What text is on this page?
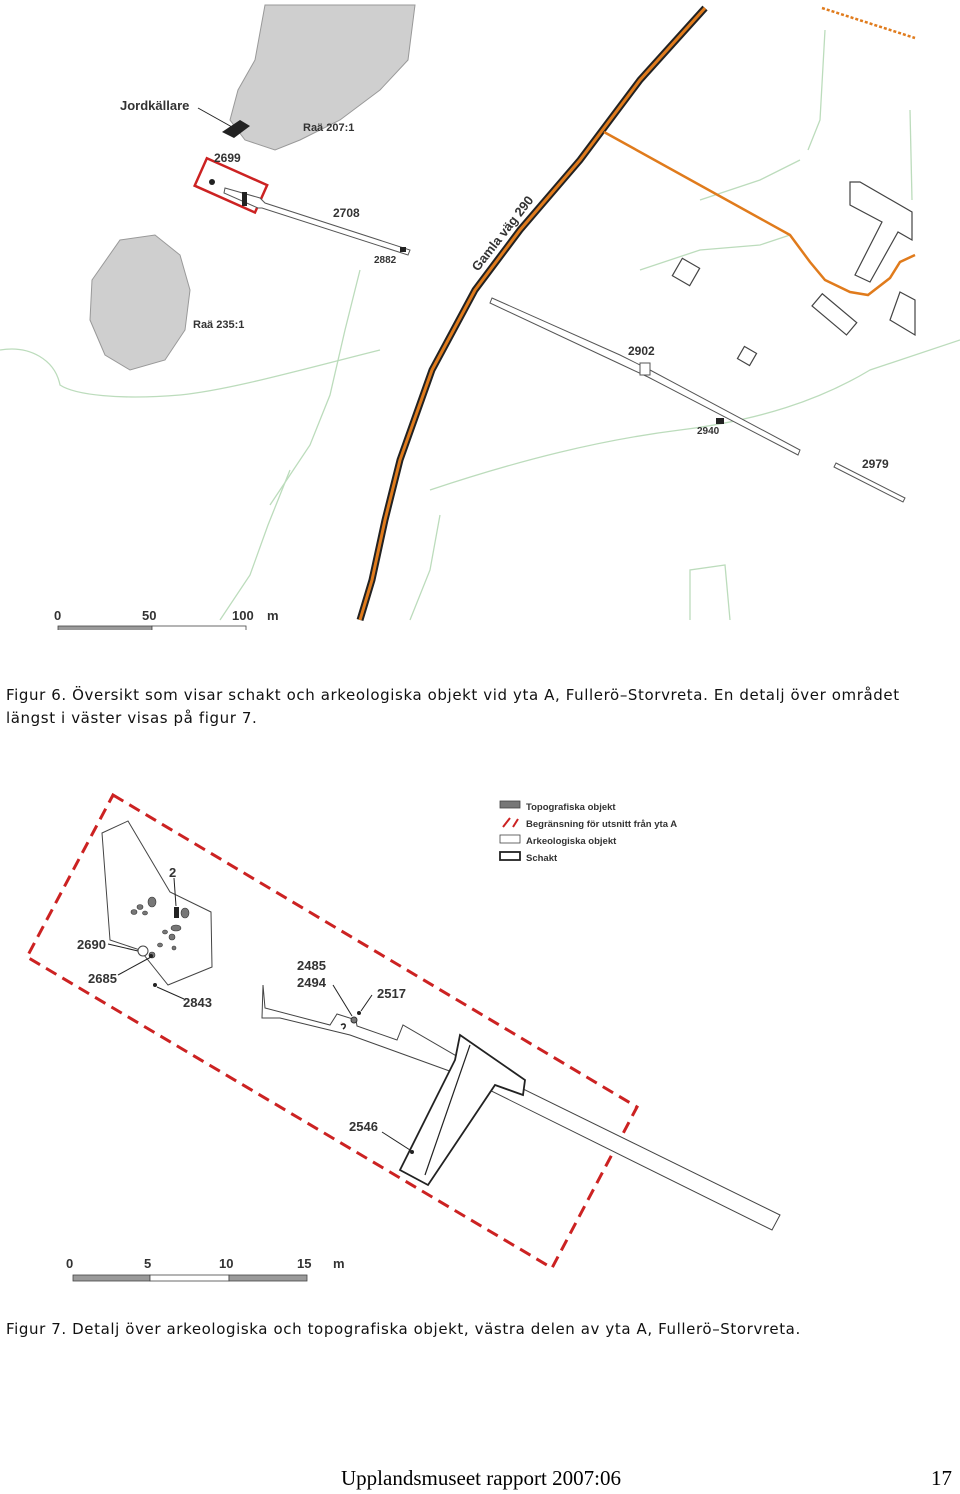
Jordkällare
Raä 207:1
Raä 235:1
2699
2708
2882	Gamla väg 290
2902
2940
2979
0	50	100 m

Figur 6. Översikt som visar schakt och arkeologiska objekt vid yta A, Fullerö–Storvreta. En detalj över området längst i väster visas på figur 7.

Topografiska objekt
Begränsning för utsnitt från yta A
Arkeologiska objekt
Schakt
2
2690
2685
2843
2485
2494
2517
2546
0	5	10	15 m

Figur 7. Detalj över arkeologiska och topografiska objekt, västra delen av yta A, Fullerö–Storvreta.

Upplandsmuseet rapport 2007:06	17
